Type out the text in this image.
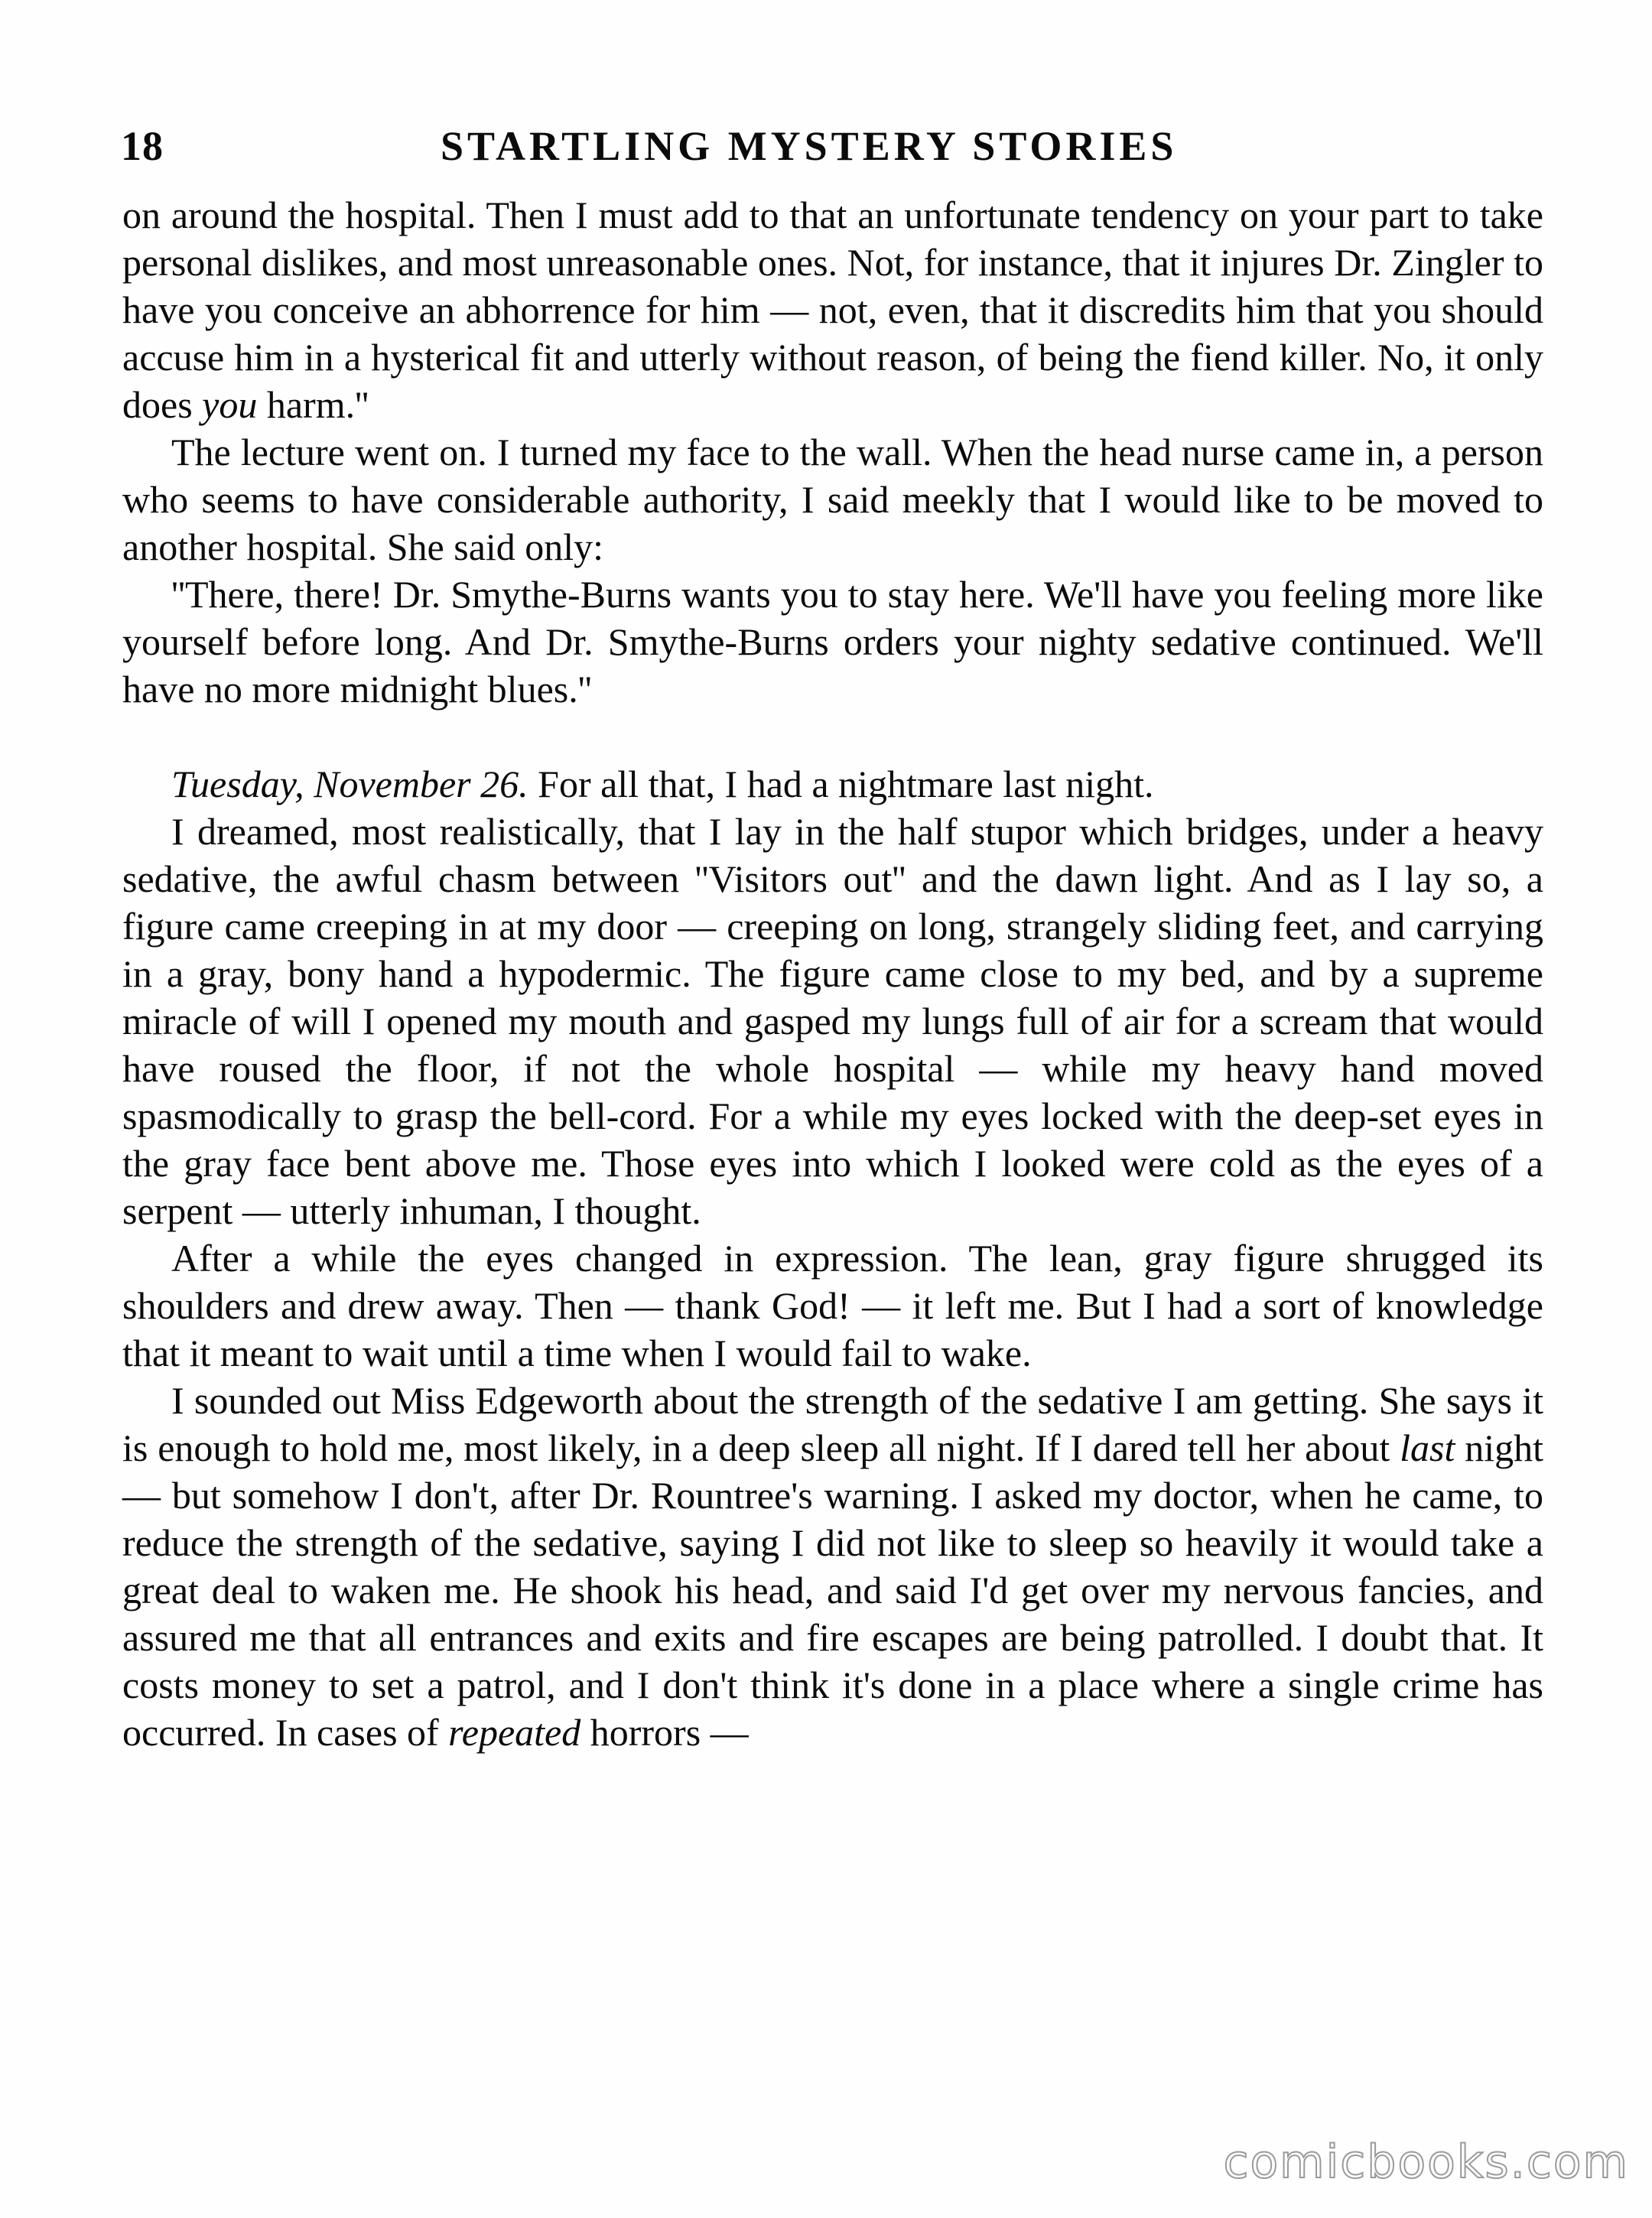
18	STARTLING MYSTERY STORIES

on around the hospital. Then I must add to that an unfortunate tendency on your part to take personal dislikes, and most unreasonable ones. Not, for instance, that it injures Dr. Zingler to have you conceive an abhorrence for him — not, even, that it discredits him that you should accuse him in a hysterical fit and utterly without reason, of being the fiend killer. No, it only does you harm.''

The lecture went on. I turned my face to the wall. When the head nurse came in, a person who seems to have considerable authority, I said meekly that I would like to be moved to another hospital. She said only:

''There, there! Dr. Smythe-Burns wants you to stay here. We'll have you feeling more like yourself before long. And Dr. Smythe-Burns orders your nighty sedative continued. We'll have no more midnight blues.''

Tuesday, November 26. For all that, I had a nightmare last night.

I dreamed, most realistically, that I lay in the half stupor which bridges, under a heavy sedative, the awful chasm between ''Visitors out'' and the dawn light. And as I lay so, a figure came creeping in at my door — creeping on long, strangely sliding feet, and carrying in a gray, bony hand a hypodermic. The figure came close to my bed, and by a supreme miracle of will I opened my mouth and gasped my lungs full of air for a scream that would have roused the floor, if not the whole hospital — while my heavy hand moved spasmodically to grasp the bell-cord. For a while my eyes locked with the deep-set eyes in the gray face bent above me. Those eyes into which I looked were cold as the eyes of a serpent — utterly inhuman, I thought.

After a while the eyes changed in expression. The lean, gray figure shrugged its shoulders and drew away. Then — thank God! — it left me. But I had a sort of knowledge that it meant to wait until a time when I would fail to wake.

I sounded out Miss Edgeworth about the strength of the sedative I am getting. She says it is enough to hold me, most likely, in a deep sleep all night. If I dared tell her about last night — but somehow I don't, after Dr. Rountree's warning. I asked my doctor, when he came, to reduce the strength of the sedative, saying I did not like to sleep so heavily it would take a great deal to waken me. He shook his head, and said I'd get over my nervous fancies, and assured me that all entrances and exits and fire escapes are being patrolled. I doubt that. It costs money to set a patrol, and I don't think it's done in a place where a single crime has occurred. In cases of repeated horrors —

comicbooks.com
